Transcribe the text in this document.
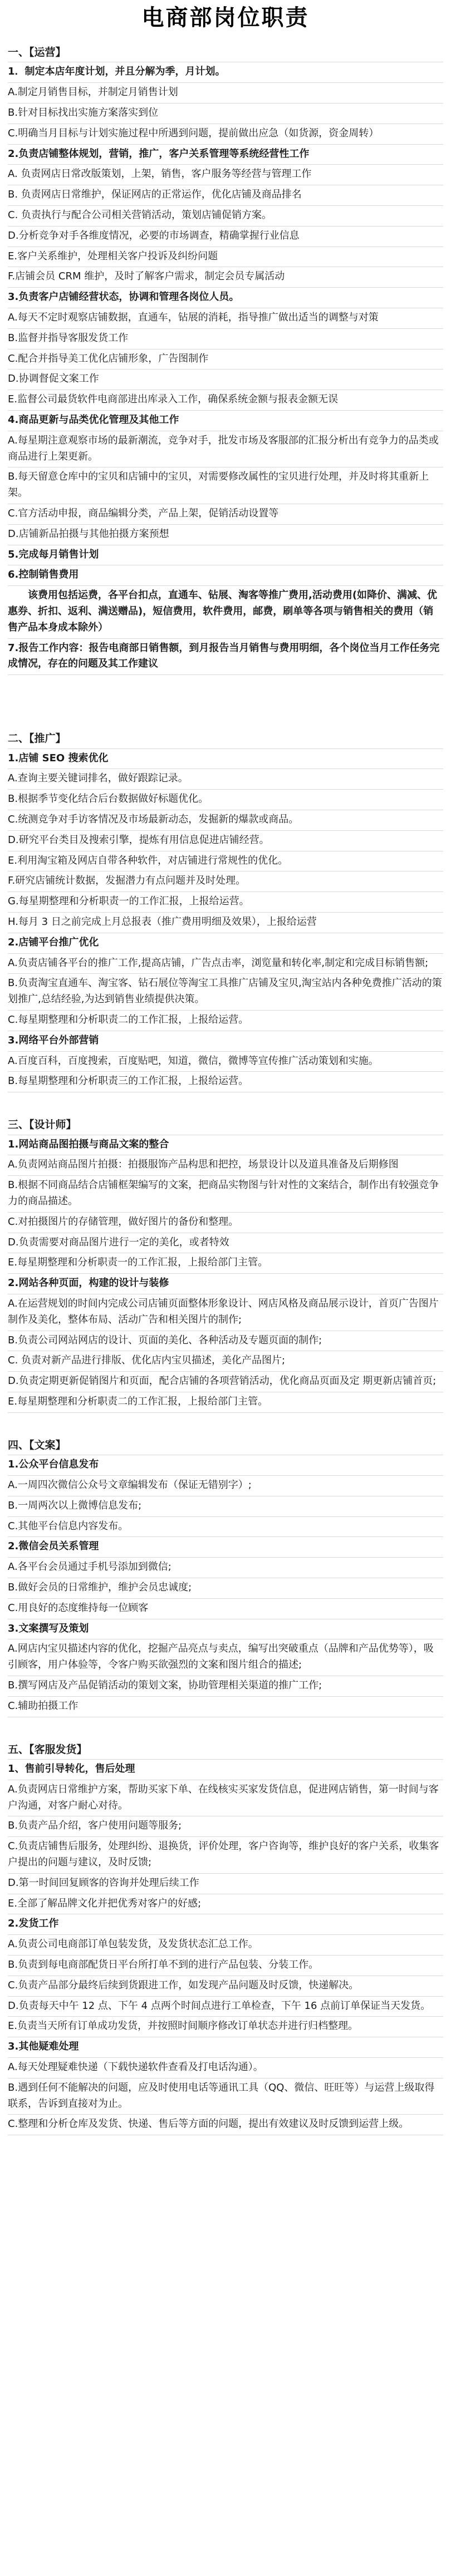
电商部岗位职责
一、【运营】
1．制定本店年度计划，并且分解为季，月计划。
A.制定月销售目标，并制定月销售计划
B.针对目标找出实施方案落实到位
C.明确当月目标与计划实施过程中所遇到问题，提前做出应急（如货源，资金周转）
2.负责店铺整体规划，营销，推广，客户关系管理等系统经营性工作
A. 负责网店日常改版策划，上架，销售，客户服务等经营与管理工作
B. 负责网店日常维护，保证网店的正常运作，优化店铺及商品排名
C. 负责执行与配合公司相关营销活动，策划店铺促销方案。
D.分析竞争对手各维度情况，必要的市场调查，精确掌握行业信息
E.客户关系维护，处理相关客户投诉及纠纷问题
F.店铺会员 CRM 维护，及时了解客户需求，制定会员专属活动
3.负责客户店铺经营状态，协调和管理各岗位人员。
A.每天不定时观察店铺数据，直通车，钻展的消耗，指导推广做出适当的调整与对策
B.监督并指导客服发货工作
C.配合并指导美工优化店铺形象，广告图制作
D.协调督促文案工作
E.监督公司最货软件电商部进出库录入工作，确保系统金额与报表金额无误
4.商品更新与品类优化管理及其他工作
A.每星期注意观察市场的最新潮流，竞争对手，批发市场及客服部的汇报分析出有竞争力的品类或商品进行上架更新。
B.每天留意仓库中的宝贝和店铺中的宝贝，对需要修改属性的宝贝进行处理，并及时将其重新上架。
C.官方活动申报，商品编辑分类，产品上架，促销活动设置等
D.店铺新品拍摄与其他拍摄方案预想
5.完成每月销售计划
6.控制销售费用
该费用包括运费，各平台扣点，直通车、钻展、淘客等推广费用,活动费用(如降价、满减、优惠券、折扣、返利、满送赠品)，短信费用，软件费用，邮费，刷单等各项与销售相关的费用（销售产品本身成本除外）
7.报告工作内容：报告电商部日销售额，到月报告当月销售与费用明细，各个岗位当月工作任务完成情况，存在的问题及其工作建议
二、【推广】
1.店铺 SEO 搜索优化
A.查询主要关键词排名，做好跟踪记录。
B.根据季节变化结合后台数据做好标题优化。
C.统测竞争对手访客情况及市场最新动态，发掘新的爆款或商品。
D.研究平台类目及搜索引擎，提炼有用信息促进店铺经营。
E.利用淘宝箱及网店自带各种软件，对店铺进行常规性的优化。
F.研究店铺统计数据，发掘潜力有点问题并及时处理。
G.每星期整理和分析职责一的工作汇报，上报给运营。
H.每月 3 日之前完成上月总报表（推广费用明细及效果），上报给运营
2.店铺平台推广优化
A.负责店铺各平台的推广工作,提高店铺，广告点击率，浏览量和转化率,制定和完成目标销售额;
B.负责淘宝直通车、淘宝客、钻石展位等淘宝工具推广店铺及宝贝,淘宝站内各种免费推广活动的策划推广,总结经验,为达到销售业绩提供决策。
C.每星期整理和分析职责二的工作汇报，上报给运营。
3.网络平台外部营销
A.百度百科，百度搜索，百度贴吧，知道，微信，微博等宣传推广活动策划和实施。
B.每星期整理和分析职责三的工作汇报，上报给运营。
三、【设计师】
1.网站商品图拍摄与商品文案的整合
A.负责网站商品图片拍摄：拍摄服饰产品构思和把控，场景设计以及道具准备及后期修图
B.根据不同商品结合店铺框架编写的文案，把商品实物图与针对性的文案结合，制作出有较强竞争力的商品描述。
C.对拍摄图片的存储管理，做好图片的备份和整理。
D.负责需要对商品图片进行一定的美化，或者特效
E.每星期整理和分析职责一的工作汇报，上报给部门主管。
2.网站各种页面，构建的设计与装修
A.在运营规划的时间内完成公司店铺页面整体形象设计、网店风格及商品展示设计，首页广告图片 制作及美化，整体布局、活动广告和相关图片的制作;
B.负责公司网站网店的设计、页面的美化、各种活动及专题页面的制作;
C. 负责对新产品进行排版、优化店内宝贝描述，美化产品图片;
D.负责定期更新促销图片和页面，配合店铺的各项营销活动，优化商品页面及定 期更新店铺首页;
E.每星期整理和分析职责二的工作汇报，上报给部门主管。
四、【文案】
1.公众平台信息发布
A.一周四次微信公众号文章编辑发布（保证无错别字）;
B.一周两次以上微博信息发布;
C.其他平台信息内容发布。
2.微信会员关系管理
A.各平台会员通过手机号添加到微信;
B.做好会员的日常维护，维护会员忠诚度;
C.用良好的态度维持每一位顾客
3.文案撰写及策划
A.网店内宝贝描述内容的优化，挖掘产品亮点与卖点，编写出突破重点（品牌和产品优势等），吸引顾客，用户体验等，令客户购买欲强烈的文案和图片组合的描述;
B.撰写网店及产品促销活动的策划文案，协助管理相关渠道的推广工作;
C.辅助拍摄工作
五、【客服发货】
1、售前引导转化，售后处理
A.负责网店日常维护方案，帮助买家下单、在线核实买家发货信息，促进网店销售，第一时间与客户沟通，对客户耐心对待。
B.负责产品介绍，客户使用问题等服务;
C.负责店铺售后服务，处理纠纷、退换货，评价处理，客户咨询等，维护良好的客户关系，收集客户提出的问题与建议，及时反馈;
D.第一时间回复顾客的咨询并处理后续工作
E.全部了解品牌文化并把优秀对客户的好感;
2.发货工作
A.负责公司电商部订单包装发货，及发货状态汇总工作。
B.负责到每电商部配货日平台所打单不到的进行产品包装、分装工作。
C.负责产品部分最终后续到货跟进工作，如发现产品问题及时反馈，快递解决。
D.负责每天中午 12 点、下午 4 点两个时间点进行工单检查，下午 16 点前订单保证当天发货。
E.负责当天所有订单成功发货，并按照时间顺序修改订单状态并进行归档整理。
3.其他疑难处理
A.每天处理疑难快递（下载快递软件查看及打电话沟通）。
B.遇到任何不能解决的问题，应及时使用电话等通讯工具（QQ、微信、旺旺等）与运营上级取得联系，告诉到直接对为止。
C.整理和分析仓库及发货、快递、售后等方面的问题，提出有效建议及时反馈到运营上级。
